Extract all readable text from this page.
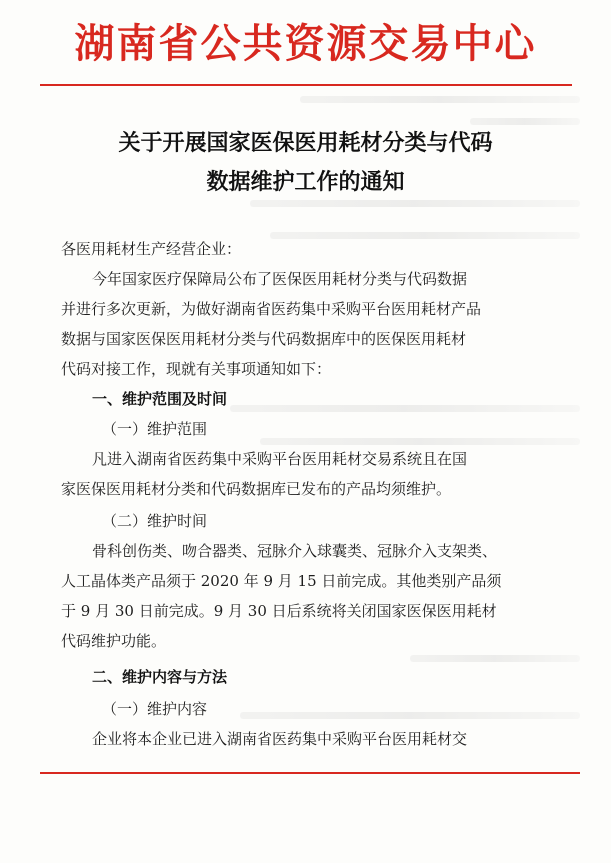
湖南省公共资源交易中心
关于开展国家医保医用耗材分类与代码
数据维护工作的通知
各医用耗材生产经营企业：
今年国家医疗保障局公布了医保医用耗材分类与代码数据
并进行多次更新，为做好湖南省医药集中采购平台医用耗材产品
数据与国家医保医用耗材分类与代码数据库中的医保医用耗材
代码对接工作，现就有关事项通知如下：
一、维护范围及时间
（一）维护范围
凡进入湖南省医药集中采购平台医用耗材交易系统且在国
家医保医用耗材分类和代码数据库已发布的产品均须维护。
（二）维护时间
骨科创伤类、吻合器类、冠脉介入球囊类、冠脉介入支架类、
人工晶体类产品须于 2020 年 9 月 15 日前完成。其他类别产品须
于 9 月 30 日前完成。9 月 30 日后系统将关闭国家医保医用耗材
代码维护功能。
二、维护内容与方法
（一）维护内容
企业将本企业已进入湖南省医药集中采购平台医用耗材交
